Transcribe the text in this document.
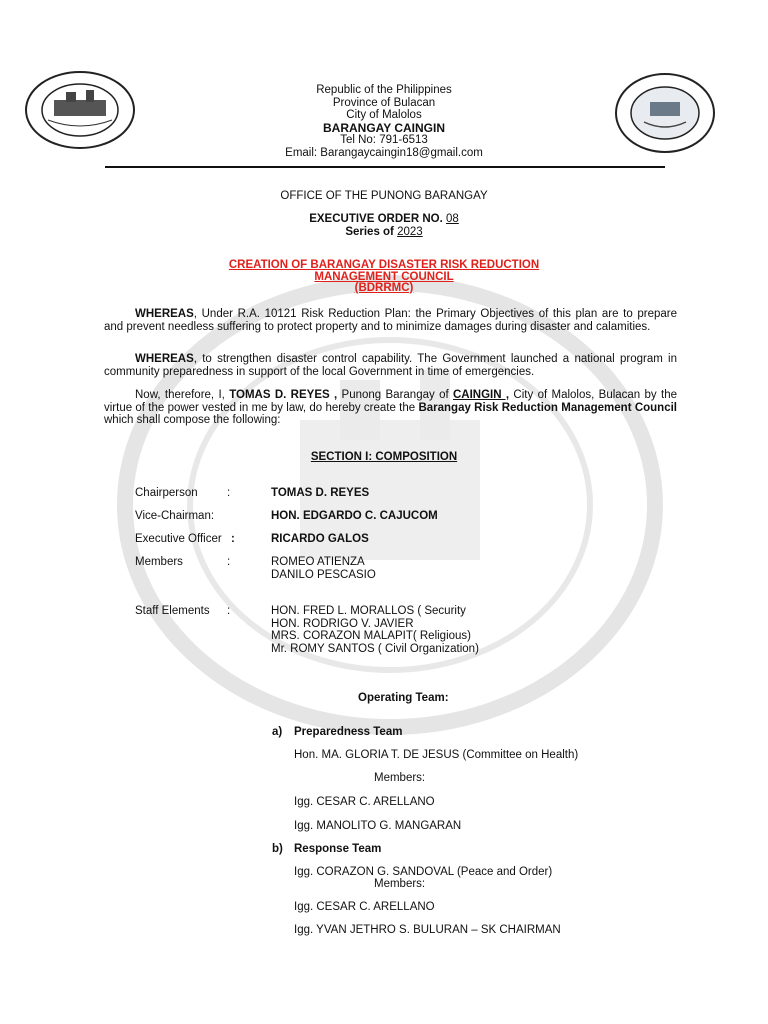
Republic of the Philippines
Province of Bulacan
City of Malolos
BARANGAY CAINGIN
Tel No: 791-6513
Email: Barangaycaingin18@gmail.com
OFFICE OF THE PUNONG BARANGAY
EXECUTIVE ORDER NO. 08
Series of 2023
CREATION OF BARANGAY DISASTER RISK REDUCTION
MANAGEMENT COUNCIL
(BDRRMC)
WHEREAS, Under R.A. 10121 Risk Reduction Plan: the Primary Objectives of this plan are to prepare and prevent needless suffering to protect property and to minimize damages during disaster and calamities.
WHEREAS, to strengthen disaster control capability. The Government launched a national program in community preparedness in support of the local Government in time of emergencies.
Now, therefore, I, TOMAS D. REYES , Punong Barangay of CAINGIN , City of Malolos, Bulacan by the virtue of the power vested in me by law, do hereby create the Barangay Risk Reduction Management Council which shall compose the following:
SECTION I: COMPOSITION
Chairperson	:	TOMAS D. REYES
Vice-Chairman:	HON. EDGARDO C. CAJUCOM
Executive Officer :	RICARDO GALOS
Members	:	ROMEO ATIENZA
DANILO PESCASIO
Staff Elements :	HON. FRED L. MORALLOS ( Security
HON. RODRIGO V. JAVIER
MRS. CORAZON MALAPIT( Religious)
Mr. ROMY SANTOS ( Civil Organization)
Operating Team:
a) Preparedness Team
Hon. MA. GLORIA T. DE JESUS (Committee on Health)
Members:
Igg. CESAR C. ARELLANO
Igg. MANOLITO G. MANGARAN
b) Response Team
Igg. CORAZON G. SANDOVAL (Peace and Order)
Members:
Igg. CESAR C. ARELLANO
Igg. YVAN JETHRO S. BULURAN – SK CHAIRMAN
